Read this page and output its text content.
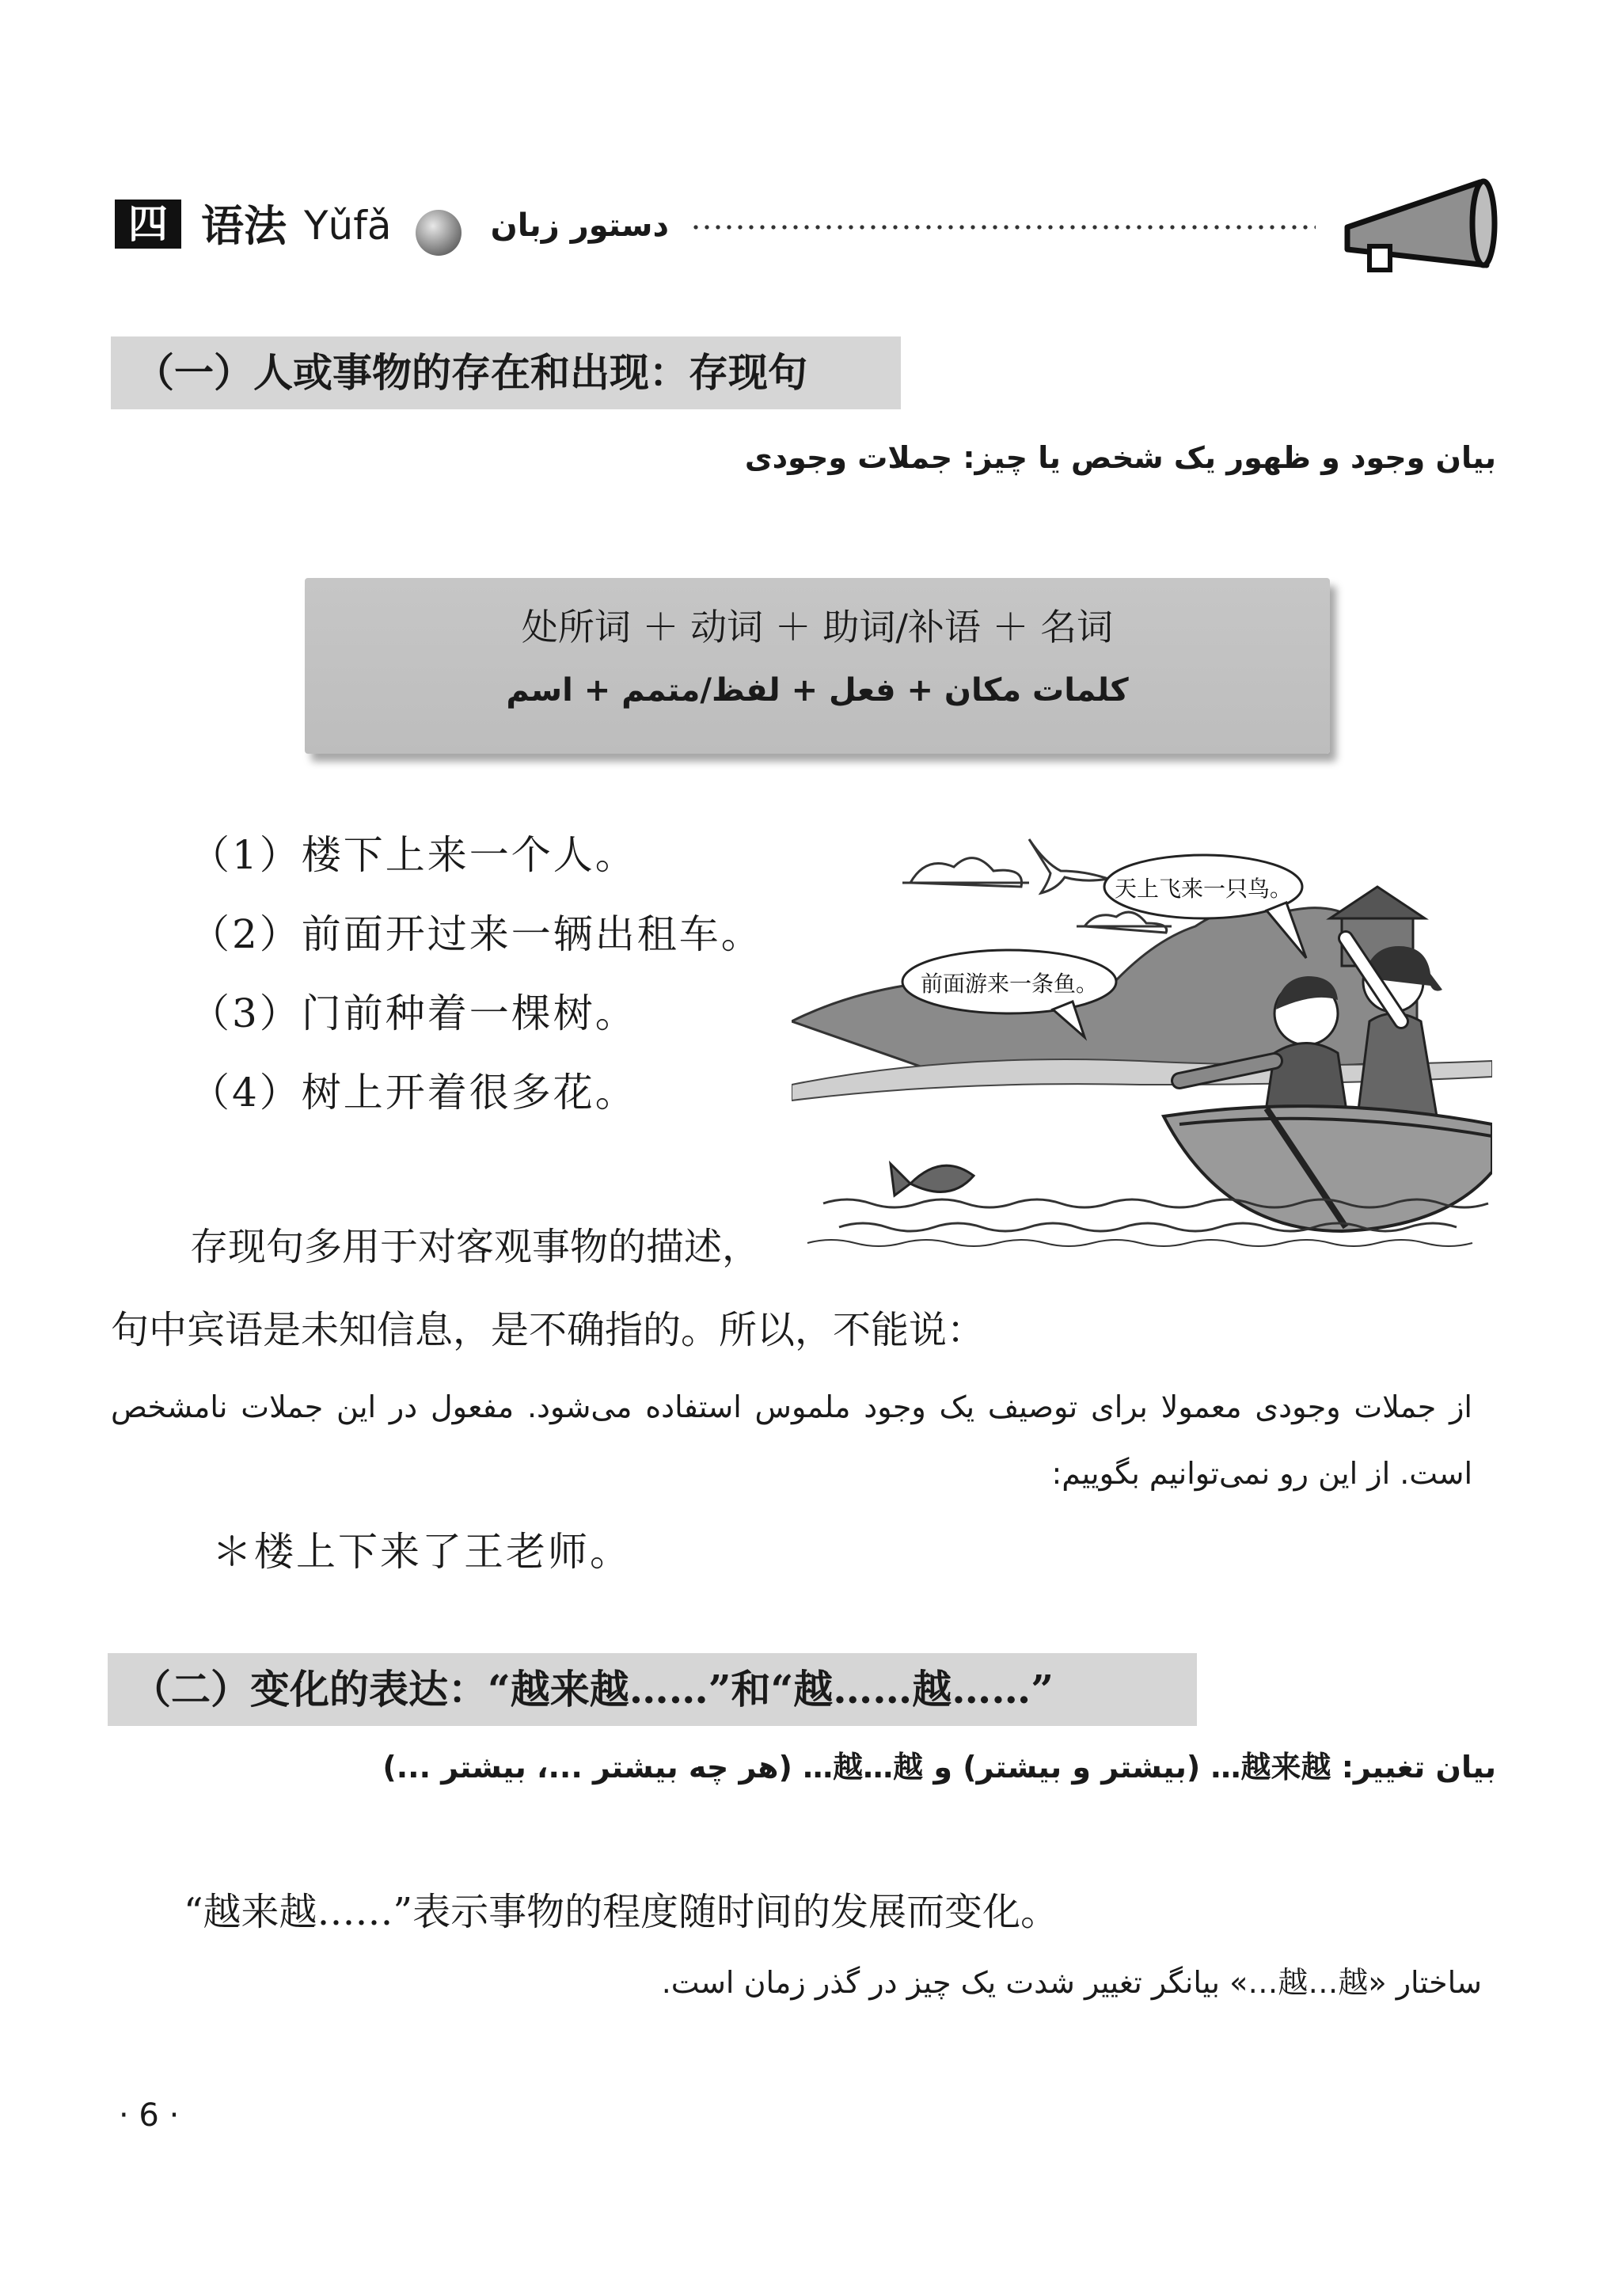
四 语法 Yǔfǎ	دستور زبان
（一）人或事物的存在和出现：存现句
بیان وجود و ظهور یک شخص یا چیز: جملات وجودی
处所词 ＋ 动词 ＋ 助词/补语 ＋ 名词
کلمات مکان + فعل + لفظ/متمم + اسم
（1）楼下上来一个人。
（2）前面开过来一辆出租车。
（3）门前种着一棵树。
（4）树上开着很多花。
天上飞来一只鸟。
前面游来一条鱼。
存现句多用于对客观事物的描述，
句中宾语是未知信息，是不确指的。所以，不能说：
از جملات وجودی معمولا برای توصیف یک وجود ملموس استفاده می‌شود. مفعول در این جملات نامشخص است. از این رو نمی‌توانیم بگوییم:
＊楼上下来了王老师。
（二）变化的表达：“越来越……”和“越……越……”
بیان تغییر: 越来越… (بیشتر و بیشتر) و 越…越… (هر چه بیشتر ...، بیشتر ...)
“越来越……”表示事物的程度随时间的发展而变化。
ساختار «越…越…» بیانگر تغییر شدت یک چیز در گذر زمان است.
· 6 ·
